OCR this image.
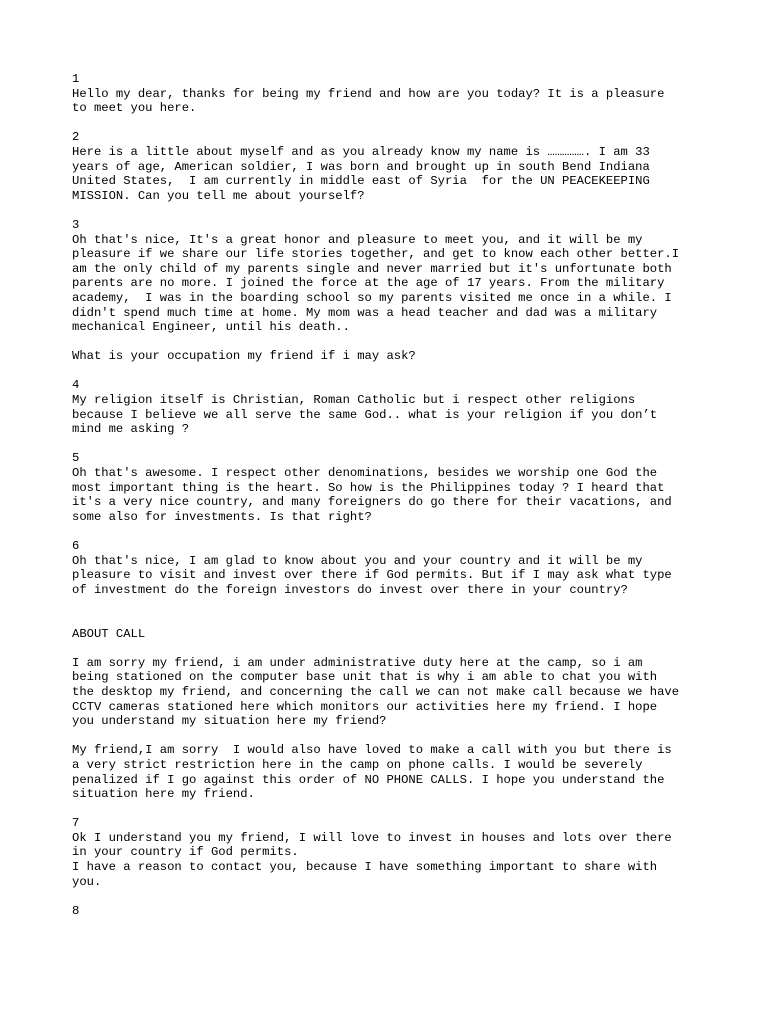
1

Hello my dear, thanks for being my friend and how are you today? It is a pleasure
to meet you here.

2

Here is a little about myself and as you already know my name is ……………. I am 33
years of age, American soldier, I was born and brought up in south Bend Indiana
United States,  I am currently in middle east of Syria  for the UN PEACEKEEPING
MISSION. Can you tell me about yourself?

3

Oh that's nice, It's a great honor and pleasure to meet you, and it will be my
pleasure if we share our life stories together, and get to know each other better.I
am the only child of my parents single and never married but it's unfortunate both
parents are no more. I joined the force at the age of 17 years. From the military
academy,  I was in the boarding school so my parents visited me once in a while. I
didn't spend much time at home. My mom was a head teacher and dad was a military
mechanical Engineer, until his death..

What is your occupation my friend if i may ask?

4

My religion itself is Christian, Roman Catholic but i respect other religions
because I believe we all serve the same God.. what is your religion if you don’t
mind me asking ?

5

Oh that's awesome. I respect other denominations, besides we worship one God the
most important thing is the heart. So how is the Philippines today ? I heard that
it's a very nice country, and many foreigners do go there for their vacations, and
some also for investments. Is that right?

6

Oh that's nice, I am glad to know about you and your country and it will be my
pleasure to visit and invest over there if God permits. But if I may ask what type
of investment do the foreign investors do invest over there in your country?

ABOUT CALL

I am sorry my friend, i am under administrative duty here at the camp, so i am
being stationed on the computer base unit that is why i am able to chat you with
the desktop my friend, and concerning the call we can not make call because we have
CCTV cameras stationed here which monitors our activities here my friend. I hope
you understand my situation here my friend?

My friend,I am sorry  I would also have loved to make a call with you but there is
a very strict restriction here in the camp on phone calls. I would be severely
penalized if I go against this order of NO PHONE CALLS. I hope you understand the
situation here my friend.

7

Ok I understand you my friend, I will love to invest in houses and lots over there
in your country if God permits.

I have a reason to contact you, because I have something important to share with
you.

8
